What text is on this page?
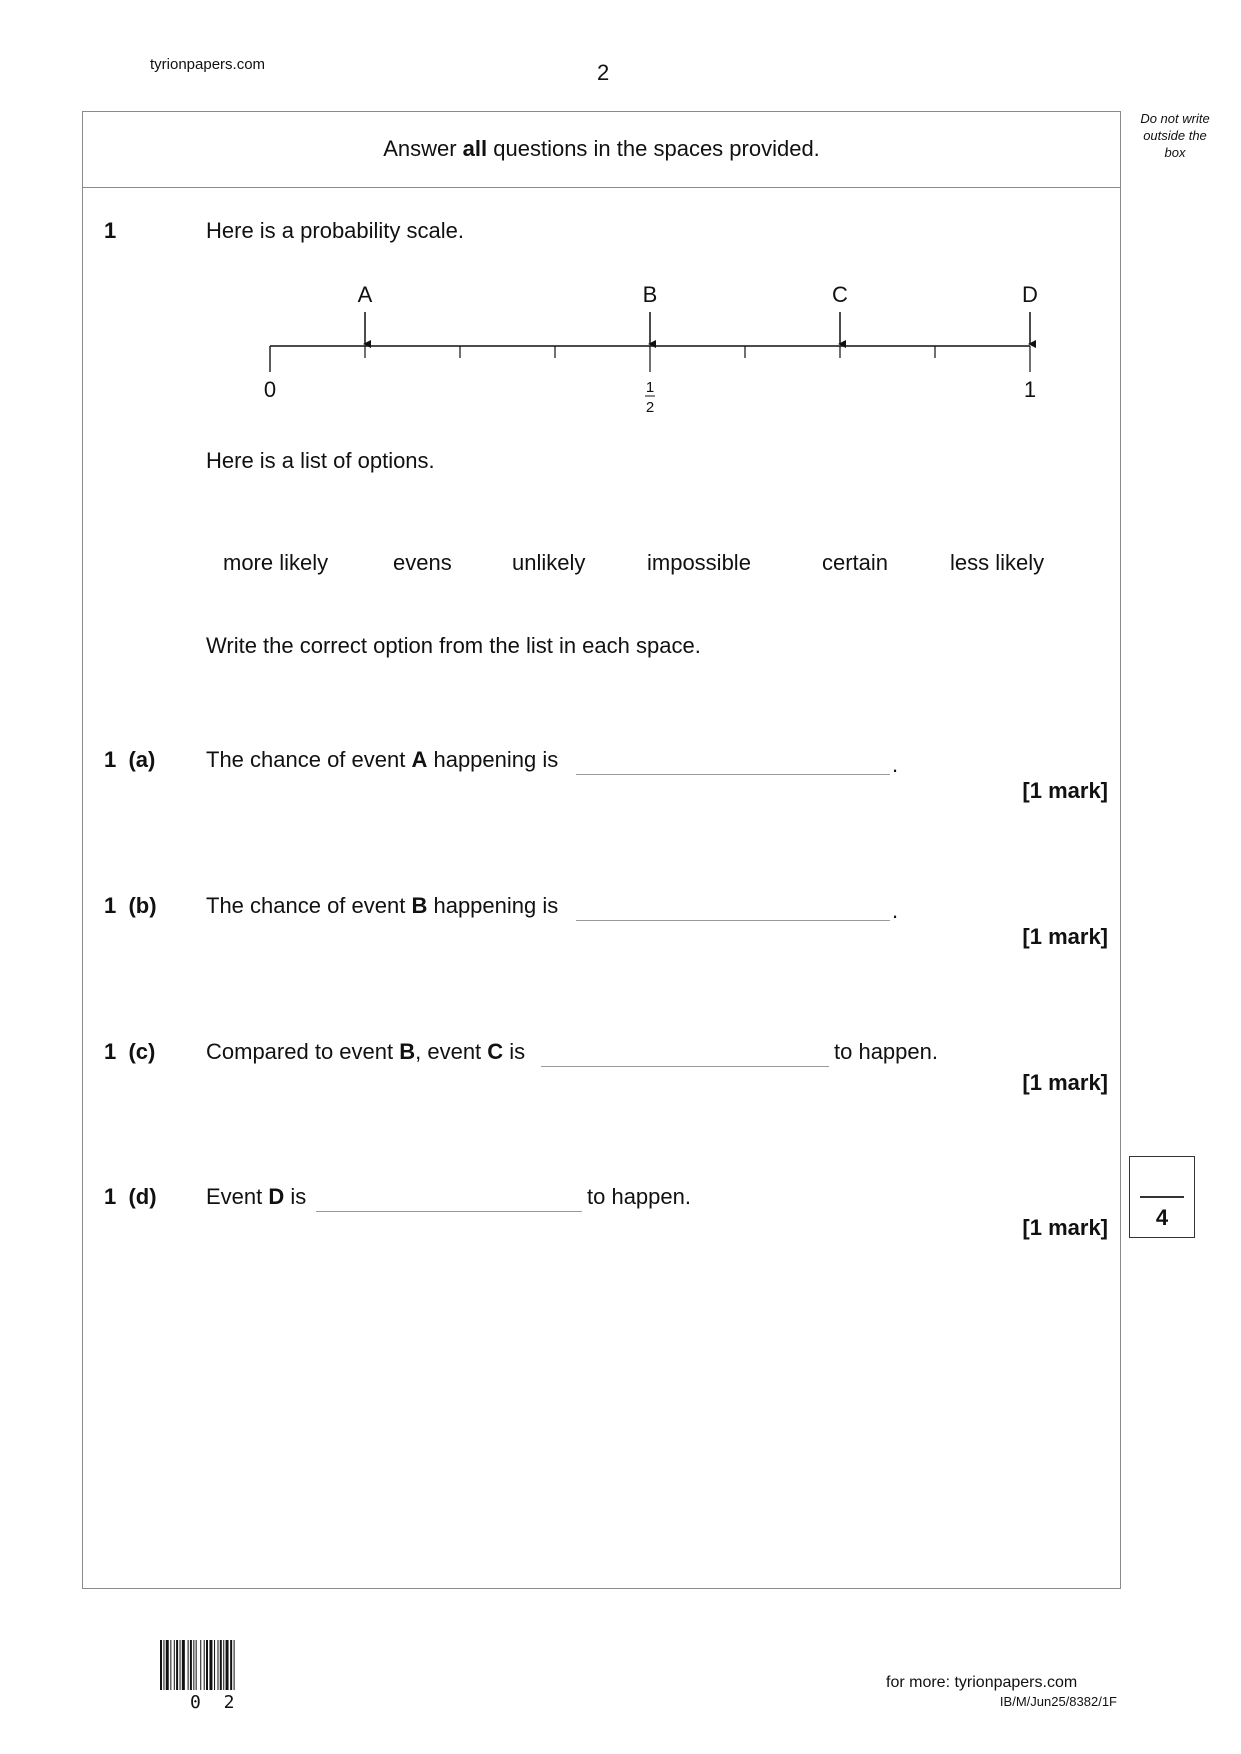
tyrionpapers.com	2
Do not write outside the box
Answer all questions in the spaces provided.
1	Here is a probability scale.
A	B	C	D
0	1
1
2
Here is a list of options.
more likely	evens	unlikely	impossible	certain	less likely
Write the correct option from the list in each space.
1 (a) The chance of event A happening is	.
[1 mark]
1 (b) The chance of event B happening is	.
[1 mark]
1 (c) Compared to event B, event C is	to happen.
[1 mark]
1 (d) Event D is	to happen.
[1 mark]	4
0 2
for more: tyrionpapers.com
IB/M/Jun25/8382/1F
